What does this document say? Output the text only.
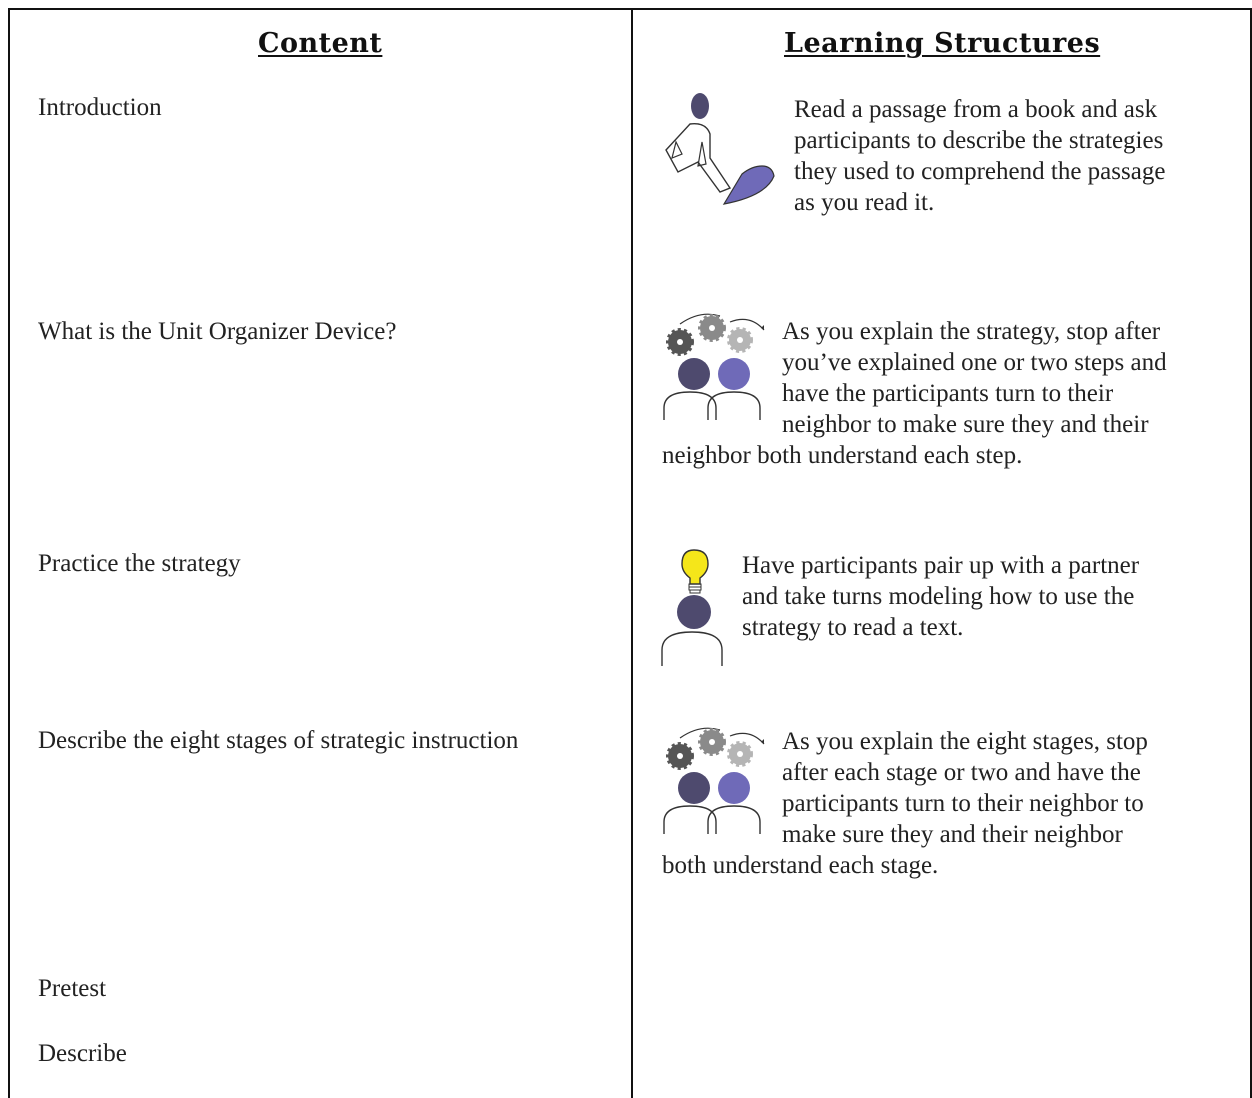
Content	Learning Structures
Introduction
What is the Unit Organizer Device?
Practice the strategy
Describe the eight stages of strategic instruction
Pretest
Describe
Read a passage from a book and ask
participants to describe the strategies
they used to comprehend the passage
as you read it.
As you explain the strategy, stop after
you’ve explained one or two steps and
have the participants turn to their
neighbor to make sure they and their
neighbor both understand each step.
Have participants pair up with a partner
and take turns modeling how to use the
strategy to read a text.
As you explain the eight stages, stop
after each stage or two and have the
participants turn to their neighbor to
make sure they and their neighbor
both understand each stage.
